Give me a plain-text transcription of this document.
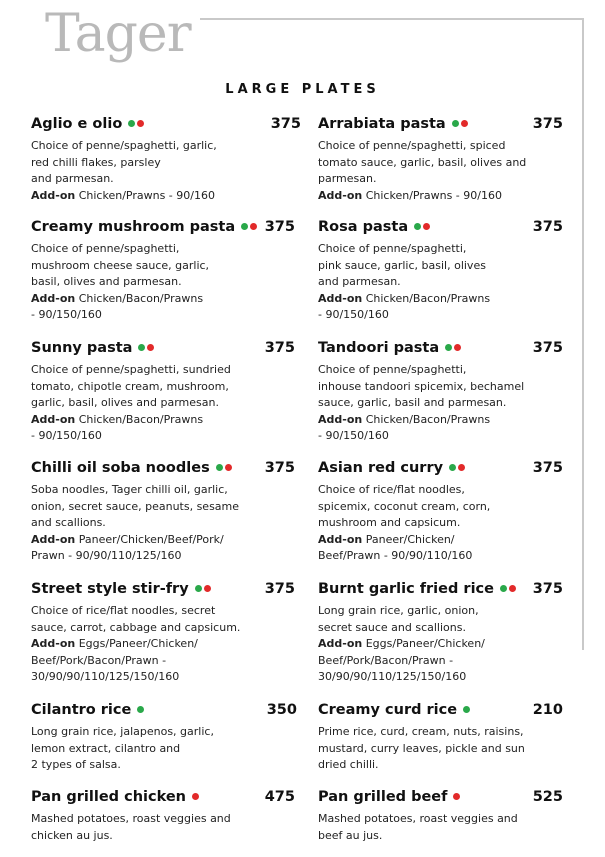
Tager
LARGE PLATES
Aglio e olio	375
Choice of penne/spaghetti, garlic,
red chilli flakes, parsley
and parmesan.
Add-on Chicken/Prawns - 90/160
Arrabiata pasta	375
Choice of penne/spaghetti, spiced
tomato sauce, garlic, basil, olives and
parmesan.
Add-on Chicken/Prawns - 90/160
Creamy mushroom pasta	375
Choice of penne/spaghetti,
mushroom cheese sauce, garlic,
basil, olives and parmesan.
Add-on Chicken/Bacon/Prawns
- 90/150/160
Rosa pasta	375
Choice of penne/spaghetti,
pink sauce, garlic, basil, olives
and parmesan.
Add-on Chicken/Bacon/Prawns
- 90/150/160
Sunny pasta	375
Choice of penne/spaghetti, sundried
tomato, chipotle cream, mushroom,
garlic, basil, olives and parmesan.
Add-on Chicken/Bacon/Prawns
- 90/150/160
Tandoori pasta	375
Choice of penne/spaghetti,
inhouse tandoori spicemix, bechamel
sauce, garlic, basil and parmesan.
Add-on Chicken/Bacon/Prawns
- 90/150/160
Chilli oil soba noodles	375
Soba noodles, Tager chilli oil, garlic,
onion, secret sauce, peanuts, sesame
and scallions.
Add-on Paneer/Chicken/Beef/Pork/
Prawn - 90/90/110/125/160
Asian red curry	375
Choice of rice/flat noodles,
spicemix, coconut cream, corn,
mushroom and capsicum.
Add-on Paneer/Chicken/
Beef/Prawn - 90/90/110/160
Street style stir-fry	375
Choice of rice/flat noodles, secret
sauce, carrot, cabbage and capsicum.
Add-on Eggs/Paneer/Chicken/
Beef/Pork/Bacon/Prawn -
30/90/90/110/125/150/160
Burnt garlic fried rice	375
Long grain rice, garlic, onion,
secret sauce and scallions.
Add-on Eggs/Paneer/Chicken/
Beef/Pork/Bacon/Prawn -
30/90/90/110/125/150/160
Cilantro rice	350
Long grain rice, jalapenos, garlic,
lemon extract, cilantro and
2 types of salsa.
Creamy curd rice	210
Prime rice, curd, cream, nuts, raisins,
mustard, curry leaves, pickle and sun
dried chilli.
Pan grilled chicken	475
Mashed potatoes, roast veggies and
chicken au jus.
Pan grilled beef	525
Mashed potatoes, roast veggies and
beef au jus.
